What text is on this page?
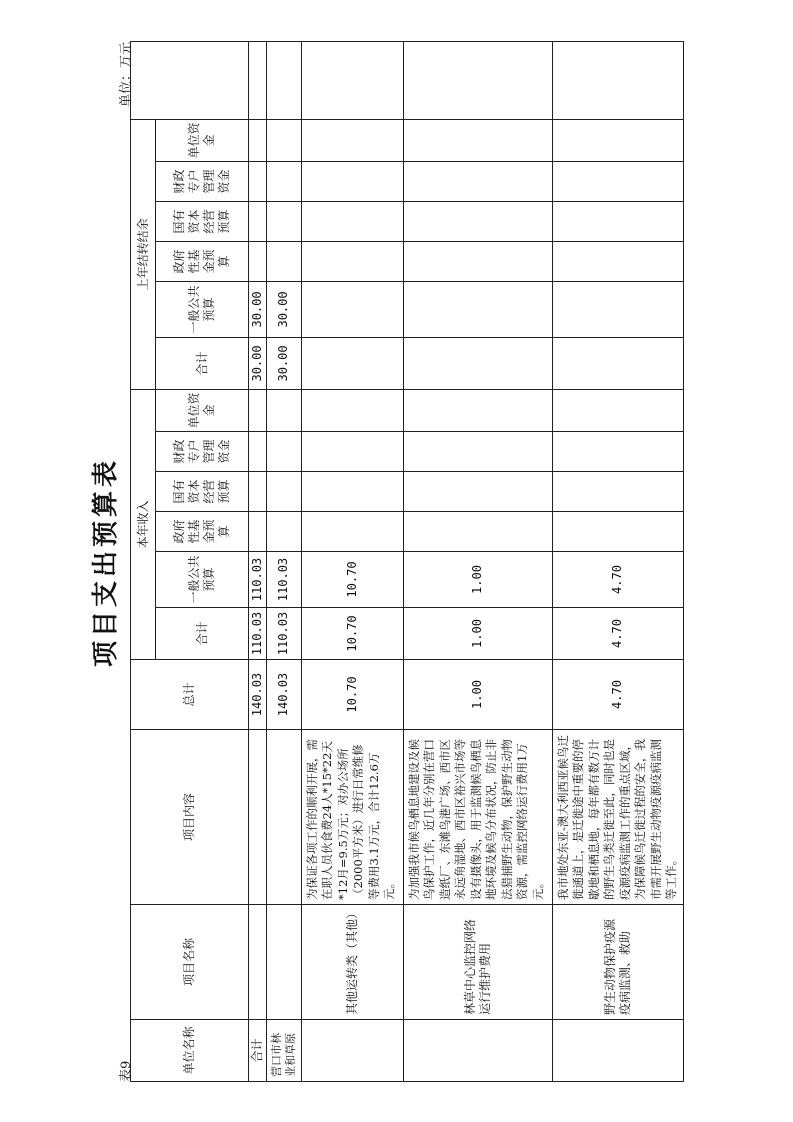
项目支出预算表
表9
单位：万元
单位名称	项目名称	项目内容	总计	本年收入						上年结转结余						
				合计	一般公共预算	政府性基金预算	国有资本经营预算	财政专户管理资金	单位资金	合计	一般公共预算	政府性基金预算	国有资本经营预算	财政专户管理资金	单位资金	
合计			140.03	110.03	110.03					30.00	30.00					
营口市林业和草原			140.03	110.03	110.03					30.00	30.00					
	其他运转类（其他）	为保证各项工作的顺利开展，需在职人员伙食费24人*15*22天*12月=9.5万元；对办公场所（2000平方米）进行日常维修等费用3.1万元，合计12.6万元。	10.70	10.70	10.70											
	林草中心监控网络运行维护费用	为加强我市候鸟栖息地建设及候鸟保护工作，近几年分别在营口造纸厂、东滩鸟港广场、西市区永远角湿地、西市区裕兴市场等设有摄像头，用于监测候鸟栖息地环境及候鸟分布状况，防止非法猎捕野生动物，保护野生动物资源，需监控网络运行费用1万元。	1.00	1.00	1.00											
	野生动物保护疫源疫病监测、救助	我市地处东亚-澳大利西亚候鸟迁徙通道上，是迁徙途中重要的停歇地和栖息地，每年都有数万计的野生鸟类迁徙至此，同时也是疫源疫病监测工作的重点区域，为保障候鸟迁徙过程的安全，我市需开展野生动物疫源疫病监测等工作。	4.70	4.70	4.70											
